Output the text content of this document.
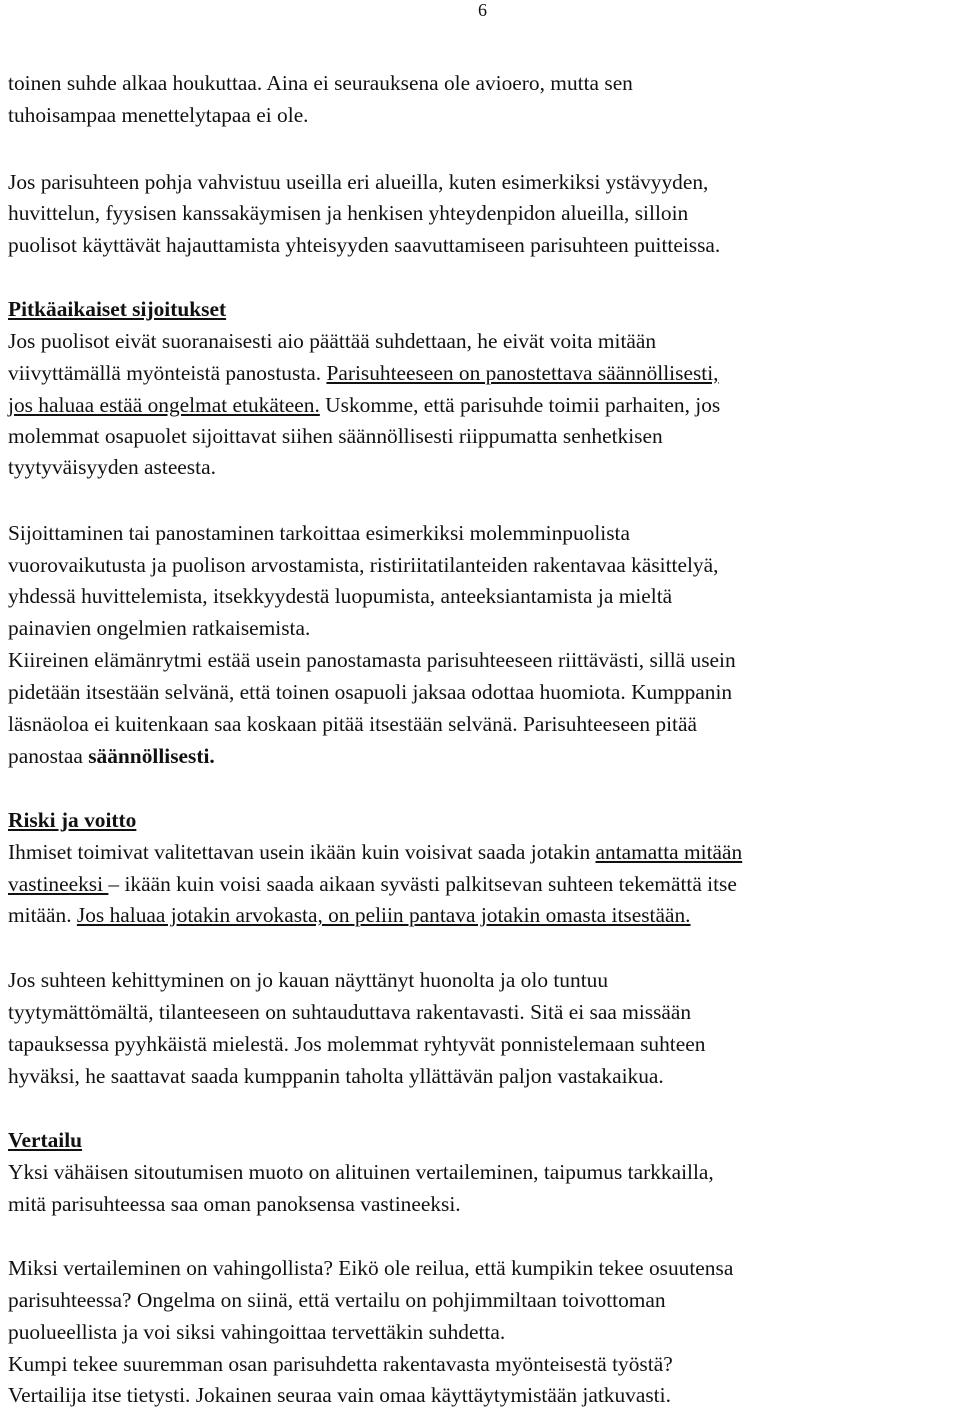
6
toinen suhde alkaa houkuttaa. Aina ei seurauksena ole avioero, mutta sen
tuhoisampaa menettelytapaa ei ole.
Jos parisuhteen pohja vahvistuu useilla eri alueilla, kuten esimerkiksi ystävyyden,
huvittelun, fyysisen kanssakäymisen ja henkisen yhteydenpidon alueilla, silloin
puolisot käyttävät hajauttamista yhteisyyden saavuttamiseen parisuhteen puitteissa.
Pitkäaikaiset sijoitukset
Jos puolisot eivät suoranaisesti aio päättää suhdettaan, he eivät voita mitään
viivyttämällä myönteistä panostusta. Parisuhteeseen on panostettava säännöllisesti,
jos haluaa estää ongelmat etukäteen. Uskomme, että parisuhde toimii parhaiten, jos
molemmat osapuolet sijoittavat siihen säännöllisesti riippumatta senhetkisen
tyytyväisyyden asteesta.
Sijoittaminen tai panostaminen tarkoittaa esimerkiksi molemminpuolista
vuorovaikutusta ja puolison arvostamista, ristiriitatilanteiden rakentavaa käsittelyä,
yhdessä huvittelemista, itsekkyydestä luopumista, anteeksiantamista ja mieltä
painavien ongelmien ratkaisemista.
Kiireinen elämänrytmi estää usein panostamasta parisuhteeseen riittävästi, sillä usein
pidetään itsestään selvänä, että toinen osapuoli jaksaa odottaa huomiota. Kumppanin
läsnäoloa ei kuitenkaan saa koskaan pitää itsestään selvänä. Parisuhteeseen pitää
panostaa säännöllisesti.
Riski ja voitto
Ihmiset toimivat valitettavan usein ikään kuin voisivat saada jotakin antamatta mitään
vastineeksi – ikään kuin voisi saada aikaan syvästi palkitsevan suhteen tekemättä itse
mitään. Jos haluaa jotakin arvokasta, on peliin pantava jotakin omasta itsestään.
Jos suhteen kehittyminen on jo kauan näyttänyt huonolta ja olo tuntuu
tyytymättömältä, tilanteeseen on suhtauduttava rakentavasti. Sitä ei saa missään
tapauksessa pyyhkäistä mielestä. Jos molemmat ryhtyvät ponnistelemaan suhteen
hyväksi, he saattavat saada kumppanin taholta yllättävän paljon vastakaikua.
Vertailu
Yksi vähäisen sitoutumisen muoto on alituinen vertaileminen, taipumus tarkkailla,
mitä parisuhteessa saa oman panoksensa vastineeksi.
Miksi vertaileminen on vahingollista? Eikö ole reilua, että kumpikin tekee osuutensa
parisuhteessa? Ongelma on siinä, että vertailu on pohjimmiltaan toivottoman
puolueellista ja voi siksi vahingoittaa tervettäkin suhdetta.
Kumpi tekee suuremman osan parisuhdetta rakentavasta myönteisestä työstä?
Vertailija itse tietysti. Jokainen seuraa vain omaa käyttäytymistään jatkuvasti.
